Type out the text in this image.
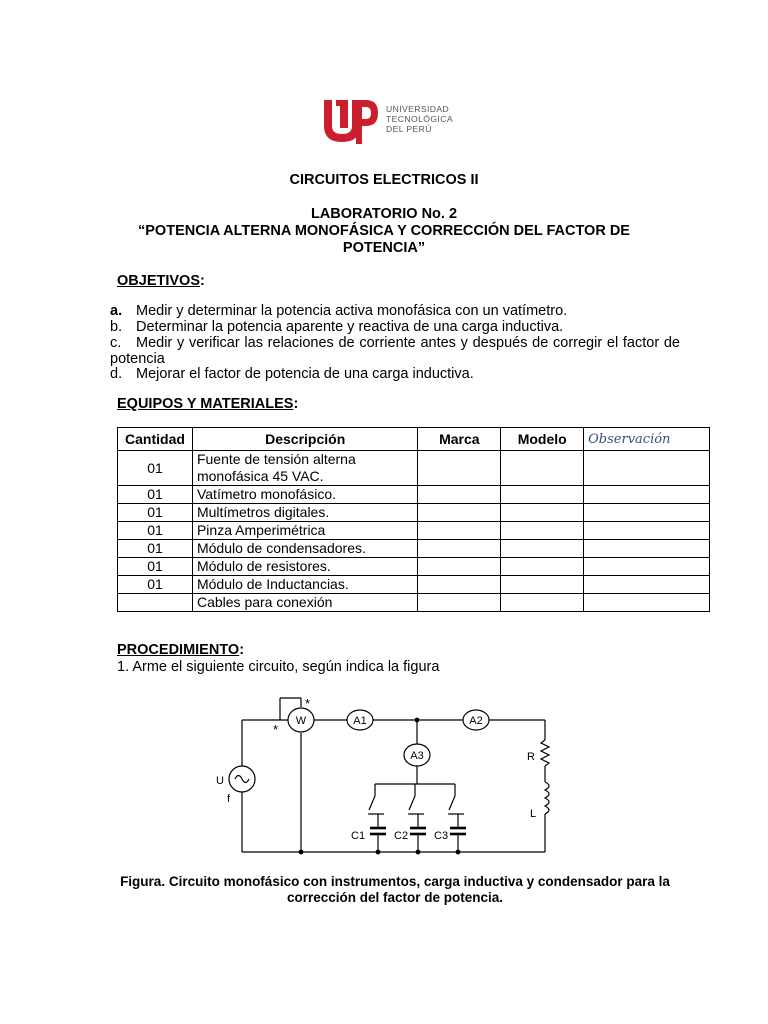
UNIVERSIDAD
TECNOLÓGICA
DEL PERÚ
CIRCUITOS ELECTRICOS II
LABORATORIO No. 2
“POTENCIA ALTERNA MONOFÁSICA Y CORRECCIÓN DEL FACTOR DE POTENCIA”
OBJETIVOS:
a. Medir y determinar la potencia activa monofásica con un vatímetro.
b. Determinar la potencia aparente y reactiva de una carga inductiva.
c. Medir y verificar las relaciones de corriente antes y después de corregir el factor de potencia
d. Mejorar el factor de potencia de una carga inductiva.
EQUIPOS Y MATERIALES:
Cantidad	Descripción	Marca	Modelo	Observación
01	Fuente de tensión alterna monofásica 45 VAC.			
01	Vatímetro monofásico.			
01	Multímetros digitales.			
01	Pinza Amperimétrica			
01	Módulo de condensadores.			
01	Módulo de resistores.			
01	Módulo de Inductancias.			
	Cables para conexión			
PROCEDIMIENTO:
1. Arme el siguiente circuito, según indica la figura
U
f
W
*
*
A1	A2
A3	R
L
C1	C2 C3
Figura. Circuito monofásico con instrumentos, carga inductiva y condensador para la corrección del factor de potencia.
